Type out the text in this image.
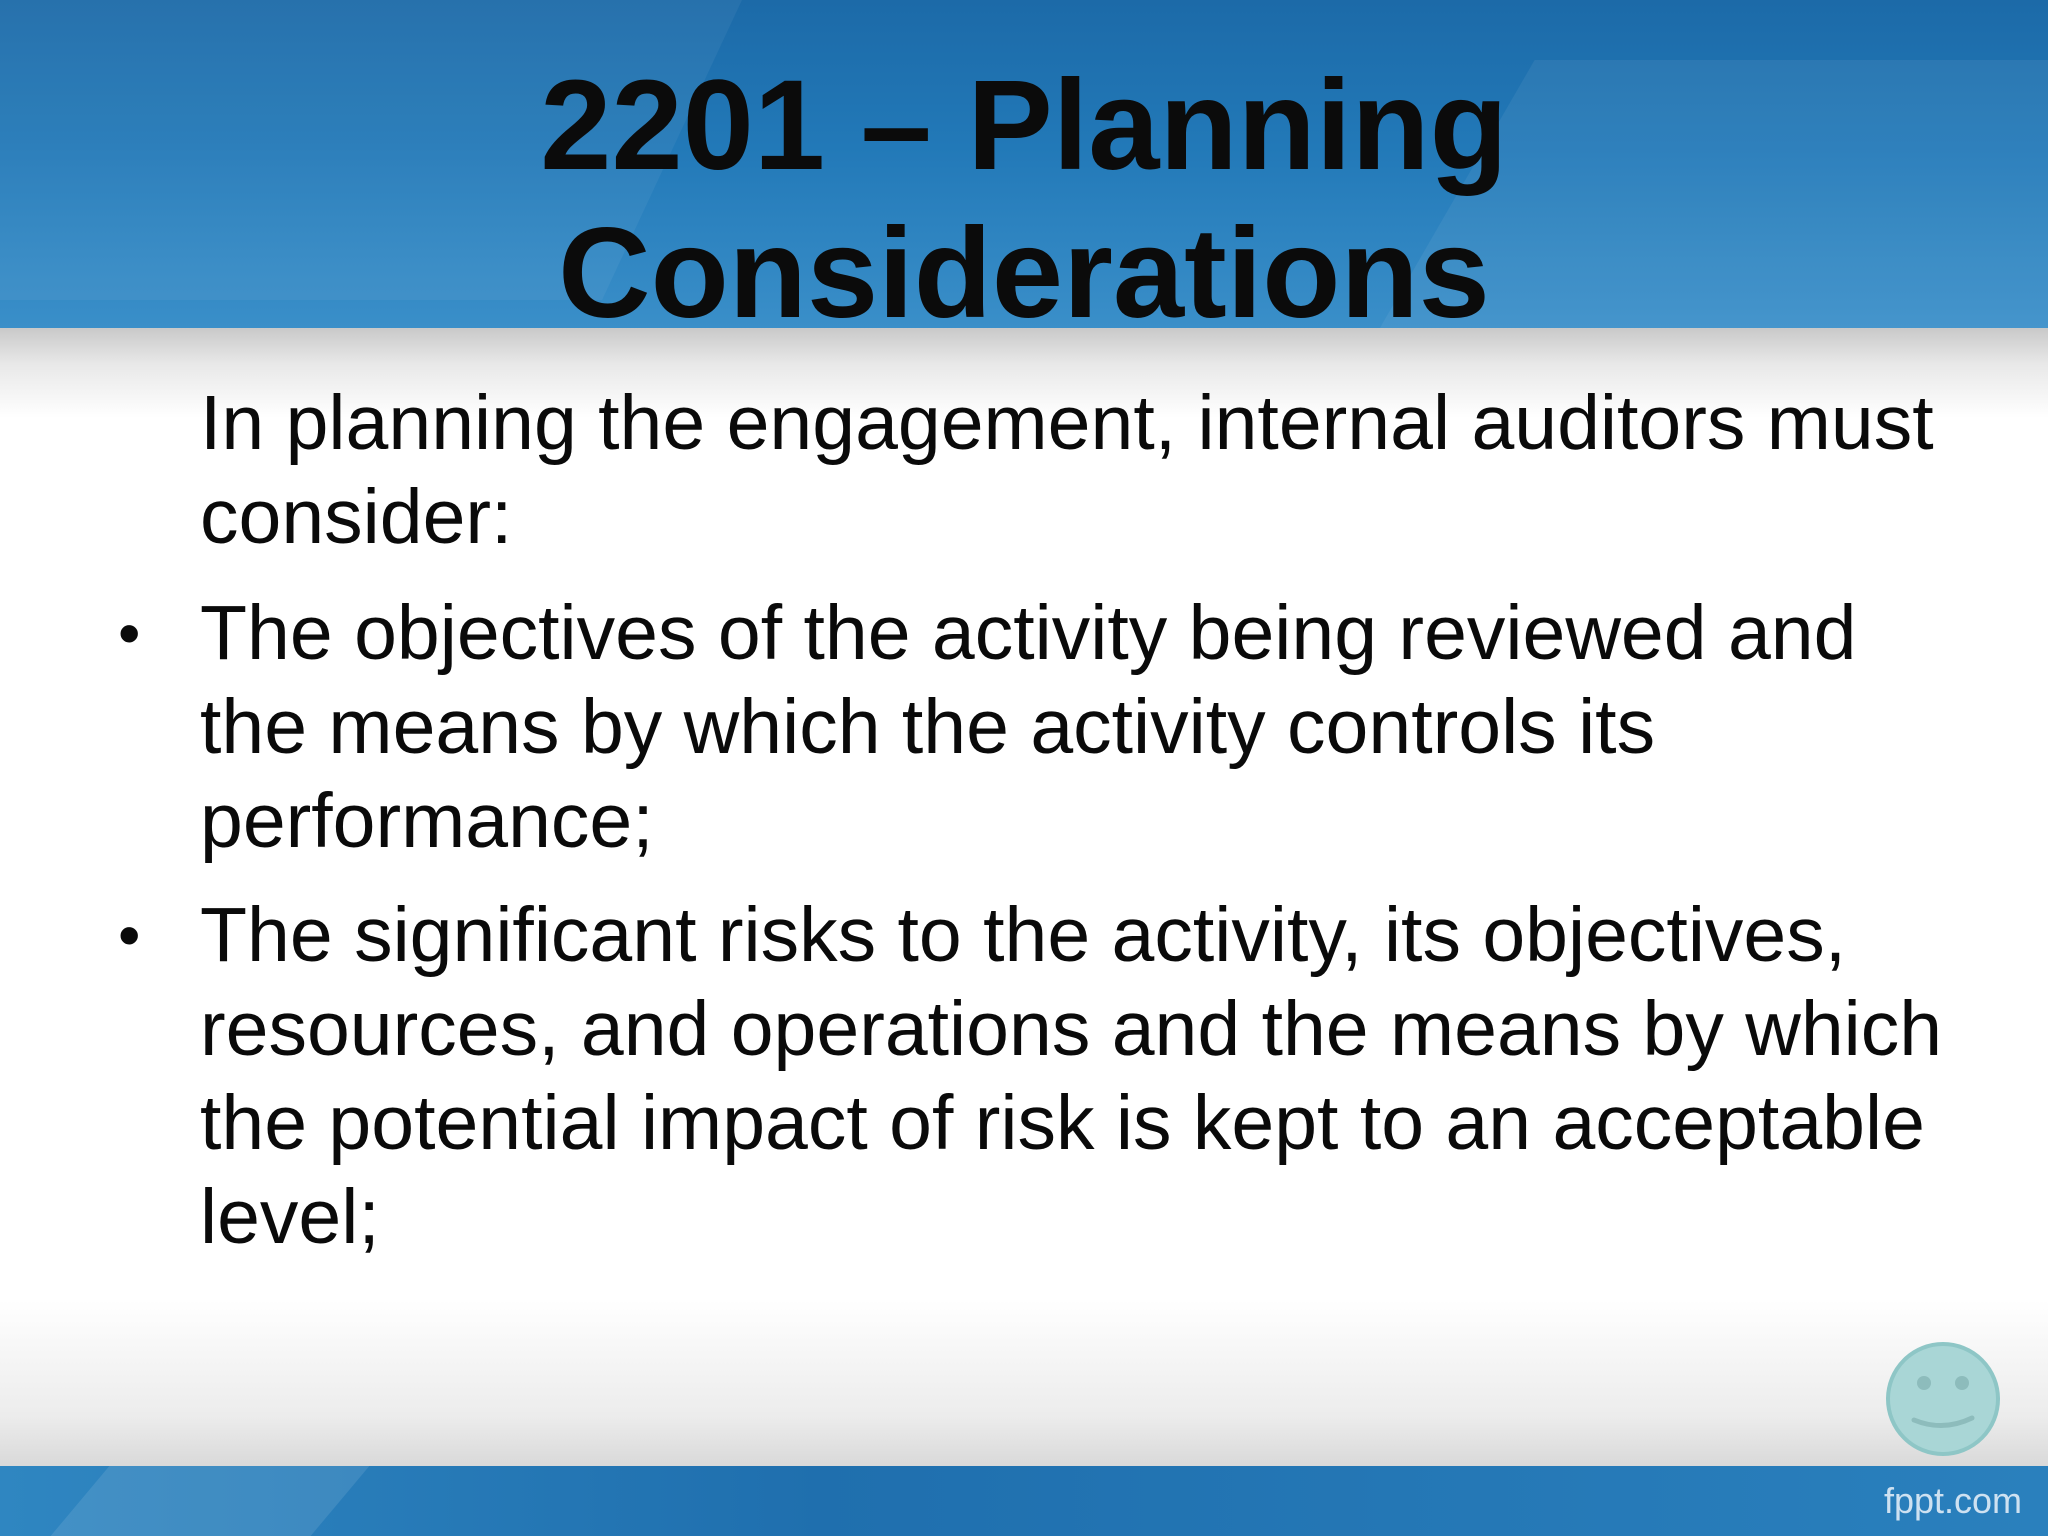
2201 – Planning
Considerations

In planning the engagement, internal auditors must consider:

• The objectives of the activity being reviewed and the means by which the activity controls its performance;
• The significant risks to the activity, its objectives, resources, and operations and the means by which the potential impact of risk is kept to an acceptable level;
fppt.com
